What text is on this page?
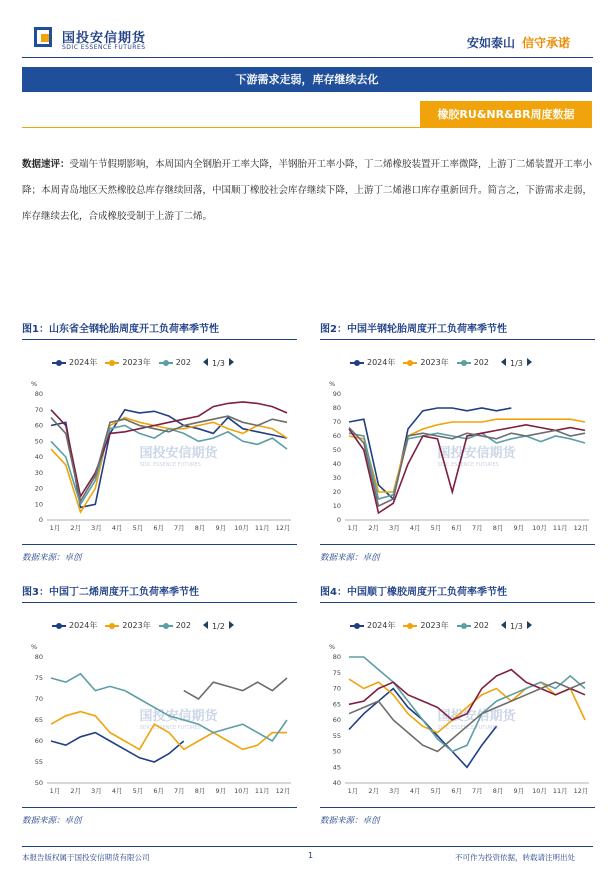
国投安信期货
SDIC ESSENCE FUTURES	安如泰山 信守承诺
下游需求走弱，库存继续去化
橡胶RU&NR&BR周度数据
数据速评：受端午节假期影响，本周国内全钢胎开工率大降，半钢胎开工率小降，丁二烯橡胶装置开工率微降，上游丁二烯装置开工率小降；本周青岛地区天然橡胶总库存继续回落，中国顺丁橡胶社会库存继续下降，上游丁二烯港口库存重新回升。简言之，下游需求走弱，库存继续去化，合成橡胶受制于上游丁二烯。
图1：山东省全钢轮胎周度开工负荷率季节性
2024年	2023年	202	1/3
%
0
10
20
30
40
50
60
70
80
1月 2月 3月 4月 5月 6月 7月 8月 9月 10月 11月 12月
国投安信期货
SDIC ESSENCE FUTURES
数据来源：卓创
图2：中国半钢轮胎周度开工负荷率季节性
2024年	2023年	202	1/3
%
0
10
20
30
40
50
60
70
80
90
1月 2月 3月 4月 5月 6月 7月 8月 9月 10月 11月 12月
国投安信期货
SDIC ESSENCE FUTURES
数据来源：卓创
图3：中国丁二烯周度开工负荷率季节性
2024年	2023年	202	1/2
%
50
55
60
65
70
75
80
1月 2月 3月 4月 5月 6月 7月 8月 9月 10月 11月 12月
国投安信期货
SDIC ESSENCE FUTURES
数据来源：卓创
图4：中国顺丁橡胶周度开工负荷率季节性
2024年	2023年	202	1/3
%
40
45
50
55
60
65
70
75
80
1月 2月 3月 4月 5月 6月 7月 8月 9月 10月 11月 12月
国投安信期货
SDIC ESSENCE FUTURES
数据来源：卓创
本报告版权属于国投安信期货有限公司	1	不可作为投资依据，转载请注明出处
